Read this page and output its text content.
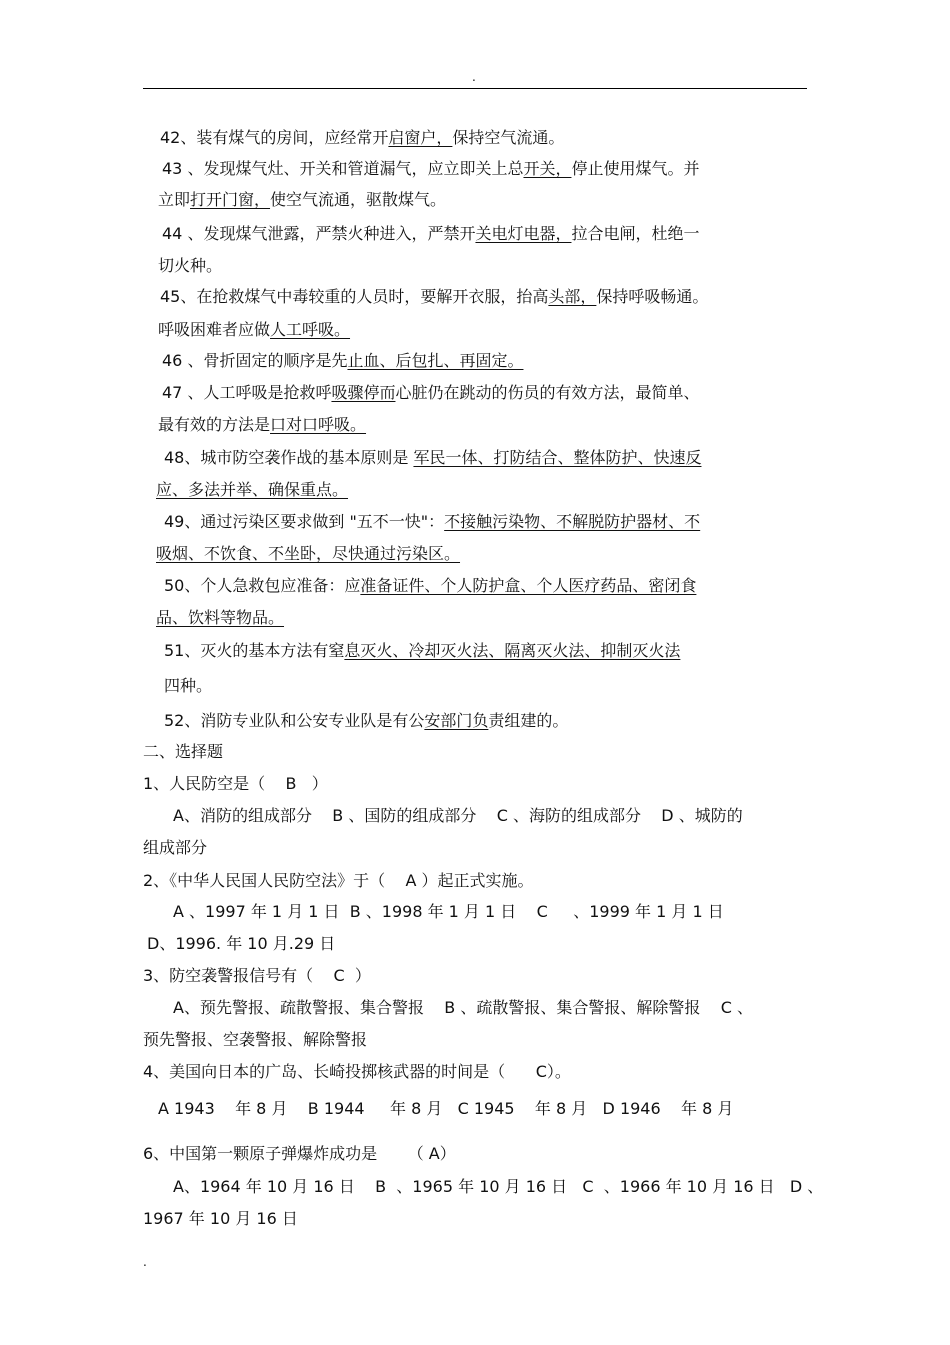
.
42、装有煤气的房间，应经常开启窗户，保持空气流通。
43 、发现煤气灶、开关和管道漏气，应立即关上总开关，停止使用煤气。并
立即打开门窗，使空气流通，驱散煤气。
44 、发现煤气泄露，严禁火种进入，严禁开关电灯电器，拉合电闸，杜绝一
切火种。
45、在抢救煤气中毒较重的人员时，要解开衣服，抬高头部，保持呼吸畅通。
呼吸困难者应做人工呼吸。
46 、骨折固定的顺序是先止血、后包扎、再固定。
47 、人工呼吸是抢救呼吸骤停而心脏仍在跳动的伤员的有效方法，最简单、
最有效的方法是口对口呼吸。
48、城市防空袭作战的基本原则是 军民一体、打防结合、整体防护、快速反
应、多法并举、确保重点。
49、通过污染区要求做到 "五不一快"：不接触污染物、不解脱防护器材、不
吸烟、不饮食、不坐卧，尽快通过污染区。
50、个人急救包应准备：应准备证件、个人防护盒、个人医疗药品、密闭食
品、饮料等物品。
51、灭火的基本方法有窒息灭火、冷却灭火法、隔离灭火法、抑制灭火法
四种。
52、消防专业队和公安专业队是有公安部门负责组建的。
二、选择题
1、人民防空是（    B   ）
A、消防的组成部分    B 、国防的组成部分    C 、海防的组成部分    D 、城防的
组成部分
2、《中华人民国人民防空法》于（    A ）起正式实施。
A 、1997 年 1 月 1 日  B 、1998 年 1 月 1 日    C     、1999 年 1 月 1 日
D、1996. 年 10 月.29 日
3、防空袭警报信号有（    C  ）
A、预先警报、疏散警报、集合警报    B 、疏散警报、集合警报、解除警报    C 、
预先警报、空袭警报、解除警报
4、美国向日本的广岛、长崎投掷核武器的时间是（      C）。
A 1943    年 8 月    B 1944     年 8 月   C 1945    年 8 月   D 1946    年 8 月
6、中国第一颗原子弹爆炸成功是      （ A）
A、1964 年 10 月 16 日    B  、1965 年 10 月 16 日   C  、1966 年 10 月 16 日   D 、
1967 年 10 月 16 日
.
